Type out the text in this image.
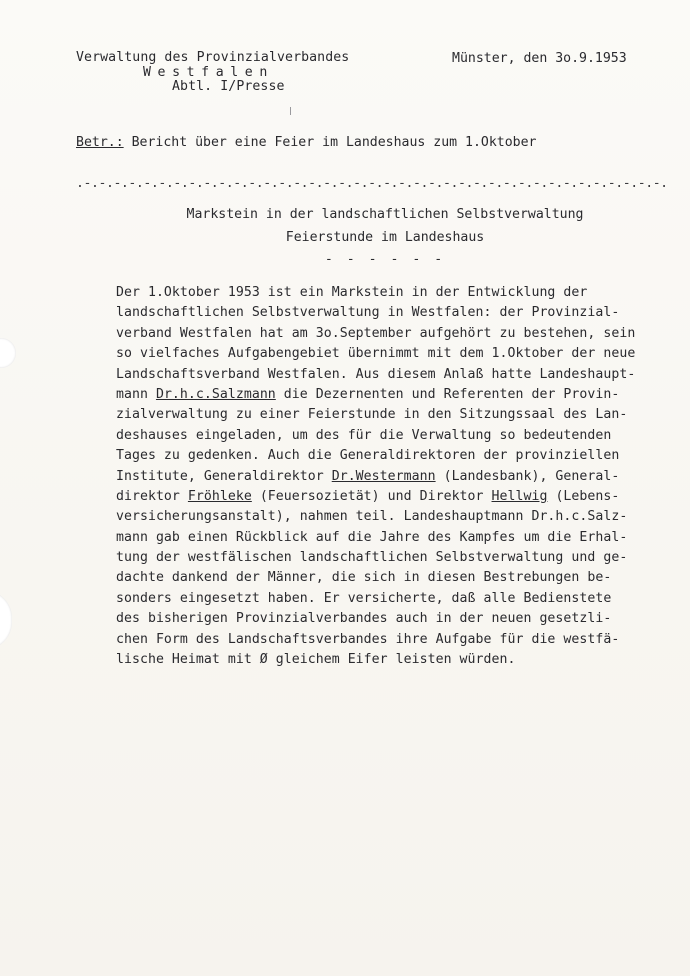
Verwaltung des Provinzialverbandes

Westfalen
Abtl. I/Presse
Münster, den 3o.9.1953
Betr.: Bericht über eine Feier im Landeshaus zum 1.Oktober
.-.-.-.-.-.-.-.-.-.-.-.-.-.-.-.-.-.-.-.-.-.-.-.-.-.-.-.-.-.-.-.-.-.-.-.-.-.-.-.
Markstein in der landschaftlichen Selbstverwaltung
Feierstunde im Landeshaus
- - - - - -
Der 1.Oktober 1953 ist ein Markstein in der Entwicklung der
landschaftlichen Selbstverwaltung in Westfalen: der Provinzial-
verband Westfalen hat am 3o.September aufgehört zu bestehen, sein
so vielfaches Aufgabengebiet übernimmt mit dem 1.Oktober der neue
Landschaftsverband Westfalen. Aus diesem Anlaß hatte Landeshaupt-
mann Dr.h.c.Salzmann die Dezernenten und Referenten der Provin-
zialverwaltung zu einer Feierstunde in den Sitzungssaal des Lan-
deshauses eingeladen, um des für die Verwaltung so bedeutenden
Tages zu gedenken. Auch die Generaldirektoren der provinziellen
Institute, Generaldirektor Dr.Westermann (Landesbank), General-
direktor Fröhleke (Feuersozietät) und Direktor Hellwig (Lebens-
versicherungsanstalt), nahmen teil. Landeshauptmann Dr.h.c.Salz-
mann gab einen Rückblick auf die Jahre des Kampfes um die Erhal-
tung der westfälischen landschaftlichen Selbstverwaltung und ge-
dachte dankend der Männer, die sich in diesen Bestrebungen be-
sonders eingesetzt haben. Er versicherte, daß alle Bedienstete
des bisherigen Provinzialverbandes auch in der neuen gesetzli-
chen Form des Landschaftsverbandes ihre Aufgabe für die westfä-
lische Heimat mit Ø gleichem Eifer leisten würden.
